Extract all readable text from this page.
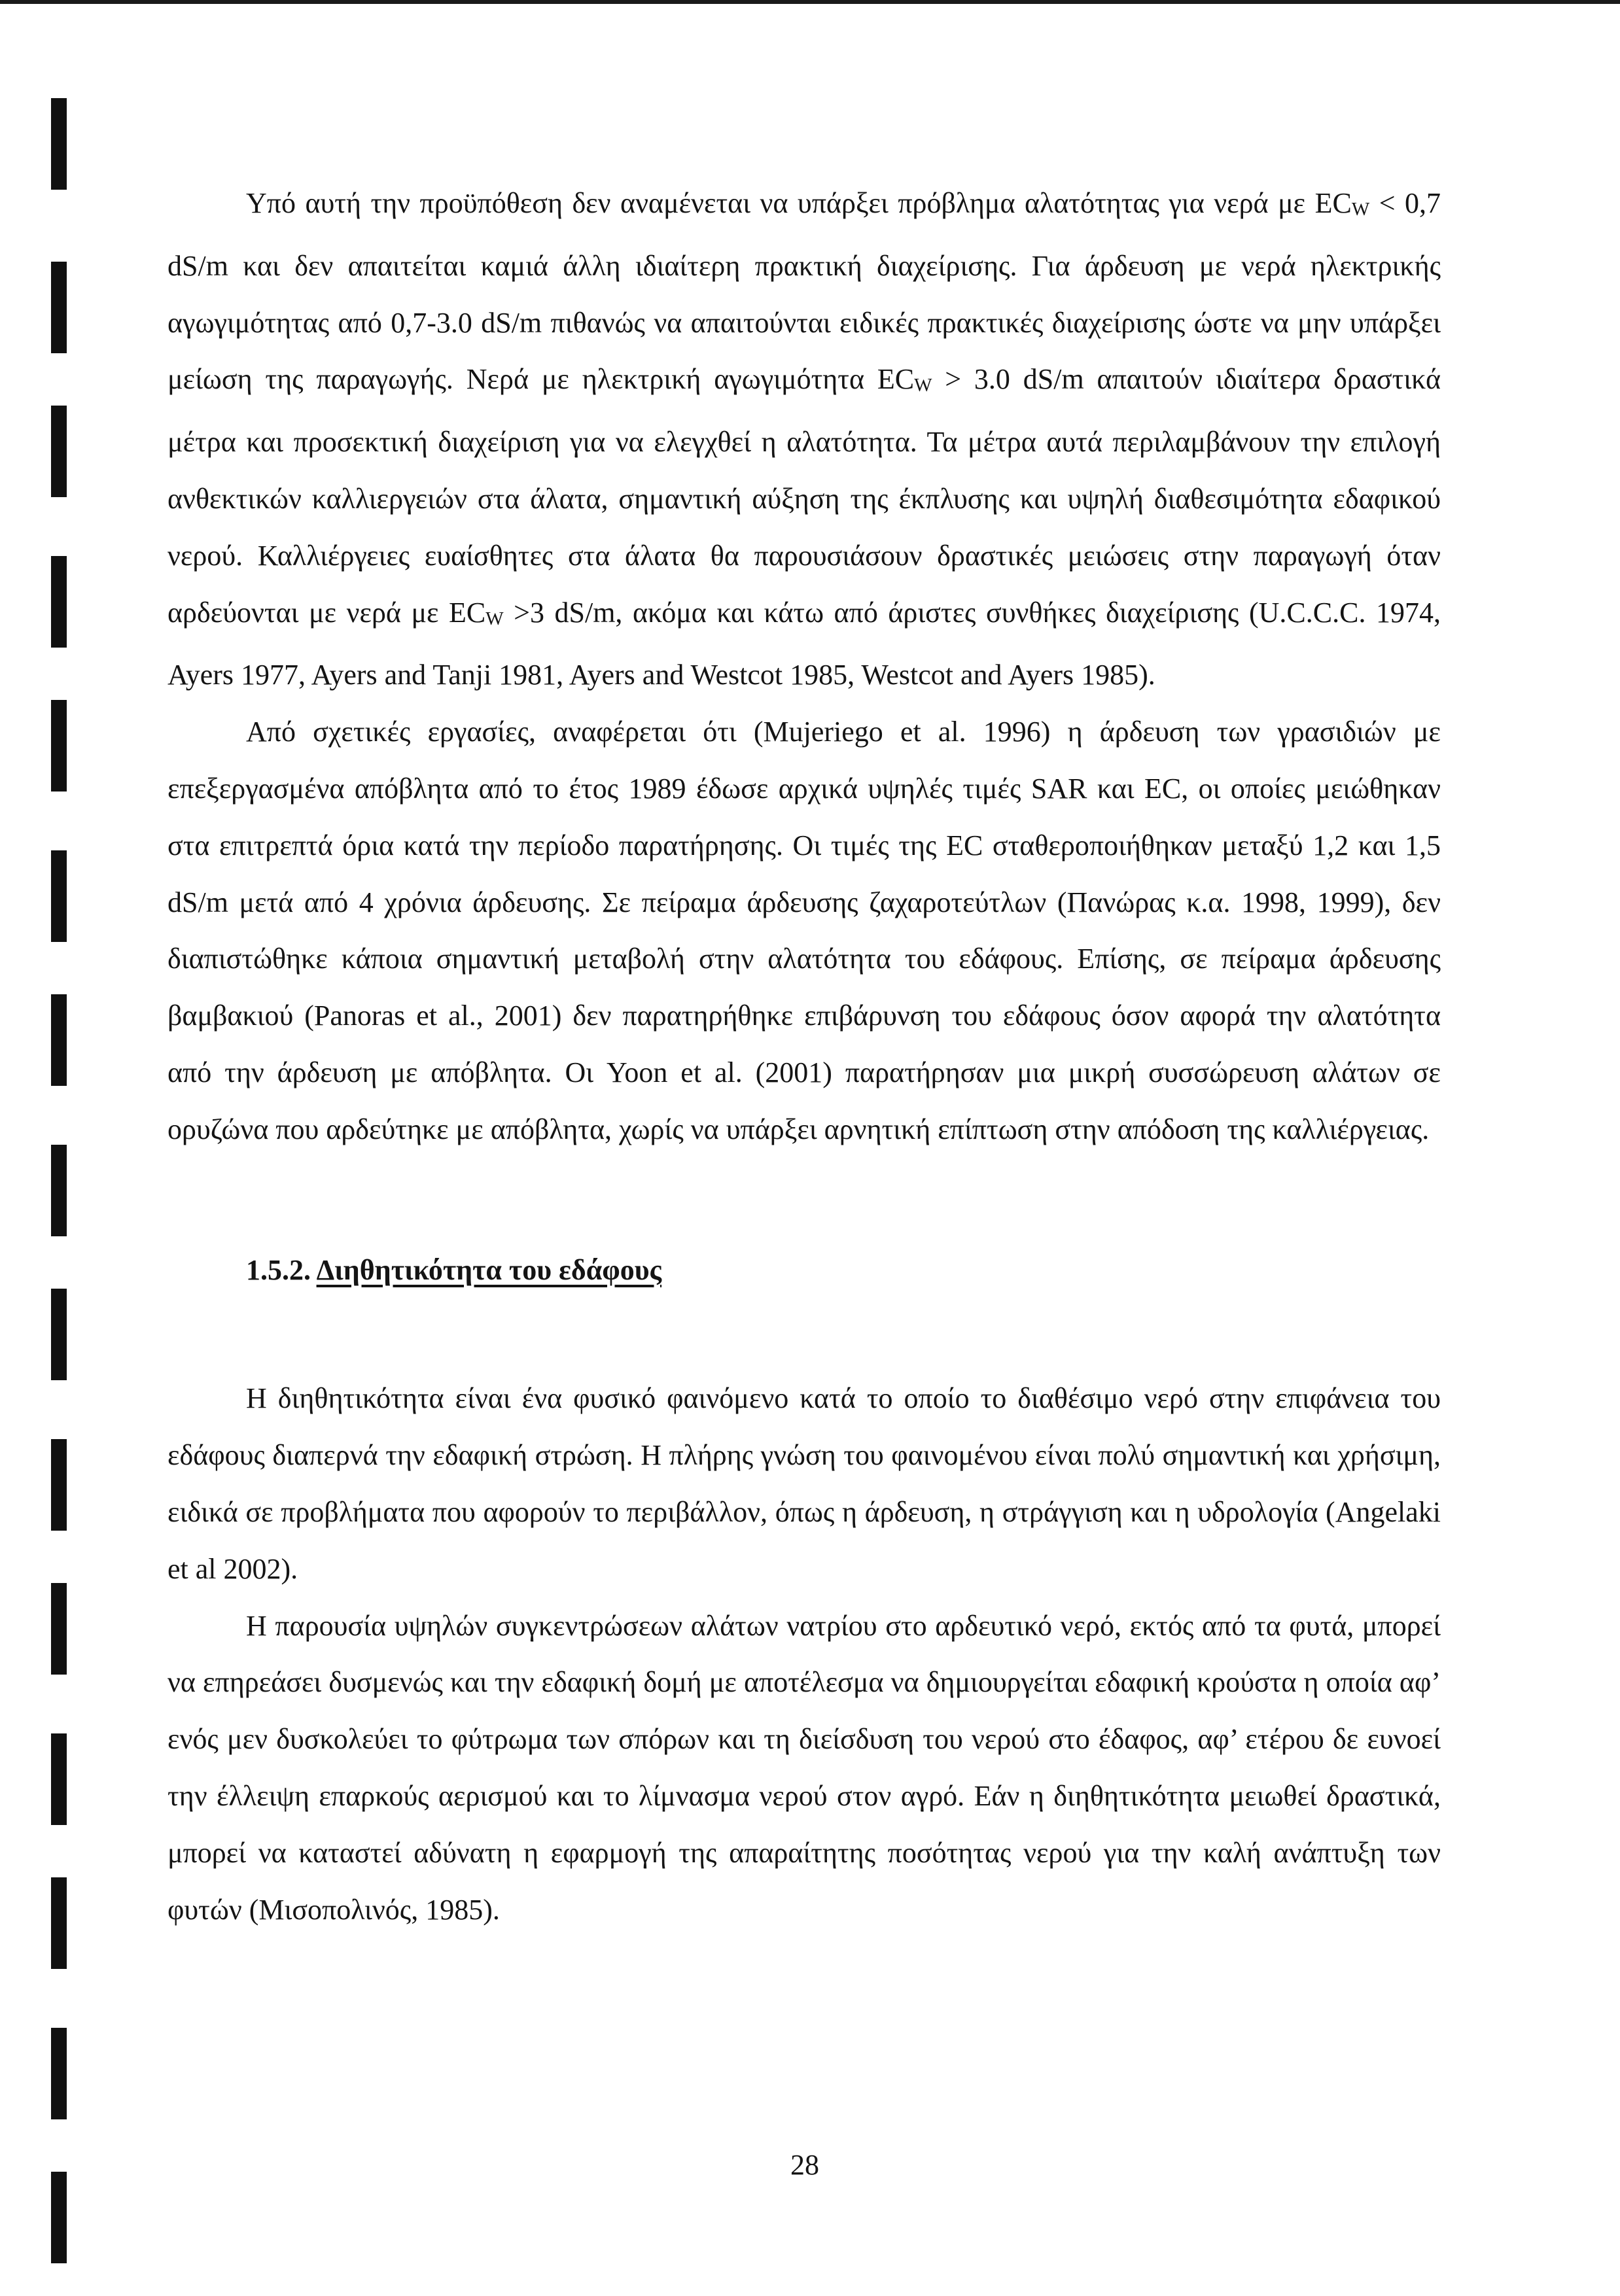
Υπό αυτή την προϋπόθεση δεν αναμένεται να υπάρξει πρόβλημα αλατότητας για νερά με $EC_W < 0,7$ dS/m και δεν απαιτείται καμιά άλλη ιδιαίτερη πρακτική διαχείρισης. Για άρδευση με νερά ηλεκτρικής αγωγιμότητας από 0,7-3.0 dS/m πιθανώς να απαιτούνται ειδικές πρακτικές διαχείρισης ώστε να μην υπάρξει μείωση της παραγωγής. Νερά με ηλεκτρική αγωγιμότητα $EC_W > 3.0$ dS/m απαιτούν ιδιαίτερα δραστικά μέτρα και προσεκτική διαχείριση για να ελεγχθεί η αλατότητα. Τα μέτρα αυτά περιλαμβάνουν την επιλογή ανθεκτικών καλλιεργειών στα άλατα, σημαντική αύξηση της έκπλυσης και υψηλή διαθεσιμότητα εδαφικού νερού. Καλλιέργειες ευαίσθητες στα άλατα θα παρουσιάσουν δραστικές μειώσεις στην παραγωγή όταν αρδεύονται με νερά με $EC_W >3$ dS/m, ακόμα και κάτω από άριστες συνθήκες διαχείρισης (U.C.C.C. 1974, Ayers 1977, Ayers and Tanji 1981, Ayers and Westcot 1985, Westcot and Ayers 1985).

Από σχετικές εργασίες, αναφέρεται ότι (Mujeriego et al. 1996) η άρδευση των γρασιδιών με επεξεργασμένα απόβλητα από το έτος 1989 έδωσε αρχικά υψηλές τιμές SAR και EC, οι οποίες μειώθηκαν στα επιτρεπτά όρια κατά την περίοδο παρατήρησης. Οι τιμές της EC σταθεροποιήθηκαν μεταξύ 1,2 και 1,5 dS/m μετά από 4 χρόνια άρδευσης. Σε πείραμα άρδευσης ζαχαροτεύτλων (Πανώρας κ.α. 1998, 1999), δεν διαπιστώθηκε κάποια σημαντική μεταβολή στην αλατότητα του εδάφους. Επίσης, σε πείραμα άρδευσης βαμβακιού (Panoras et al., 2001) δεν παρατηρήθηκε επιβάρυνση του εδάφους όσον αφορά την αλατότητα από την άρδευση με απόβλητα. Οι Yoon et al. (2001) παρατήρησαν μια μικρή συσσώρευση αλάτων σε ορυζώνα που αρδεύτηκε με απόβλητα, χωρίς να υπάρξει αρνητική επίπτωση στην απόδοση της καλλιέργειας.

1.5.2. Διηθητικότητα του εδάφους

Η διηθητικότητα είναι ένα φυσικό φαινόμενο κατά το οποίο το διαθέσιμο νερό στην επιφάνεια του εδάφους διαπερνά την εδαφική στρώση. Η πλήρης γνώση του φαινομένου είναι πολύ σημαντική και χρήσιμη, ειδικά σε προβλήματα που αφορούν το περιβάλλον, όπως η άρδευση, η στράγγιση και η υδρολογία (Angelaki et al 2002).

Η παρουσία υψηλών συγκεντρώσεων αλάτων νατρίου στο αρδευτικό νερό, εκτός από τα φυτά, μπορεί να επηρεάσει δυσμενώς και την εδαφική δομή με αποτέλεσμα να δημιουργείται εδαφική κρούστα η οποία αφ’ ενός μεν δυσκολεύει το φύτρωμα των σπόρων και τη διείσδυση του νερού στο έδαφος, αφ’ ετέρου δε ευνοεί την έλλειψη επαρκούς αερισμού και το λίμνασμα νερού στον αγρό. Εάν η διηθητικότητα μειωθεί δραστικά, μπορεί να καταστεί αδύνατη η εφαρμογή της απαραίτητης ποσότητας νερού για την καλή ανάπτυξη των φυτών (Μισοπολινός, 1985).

28
